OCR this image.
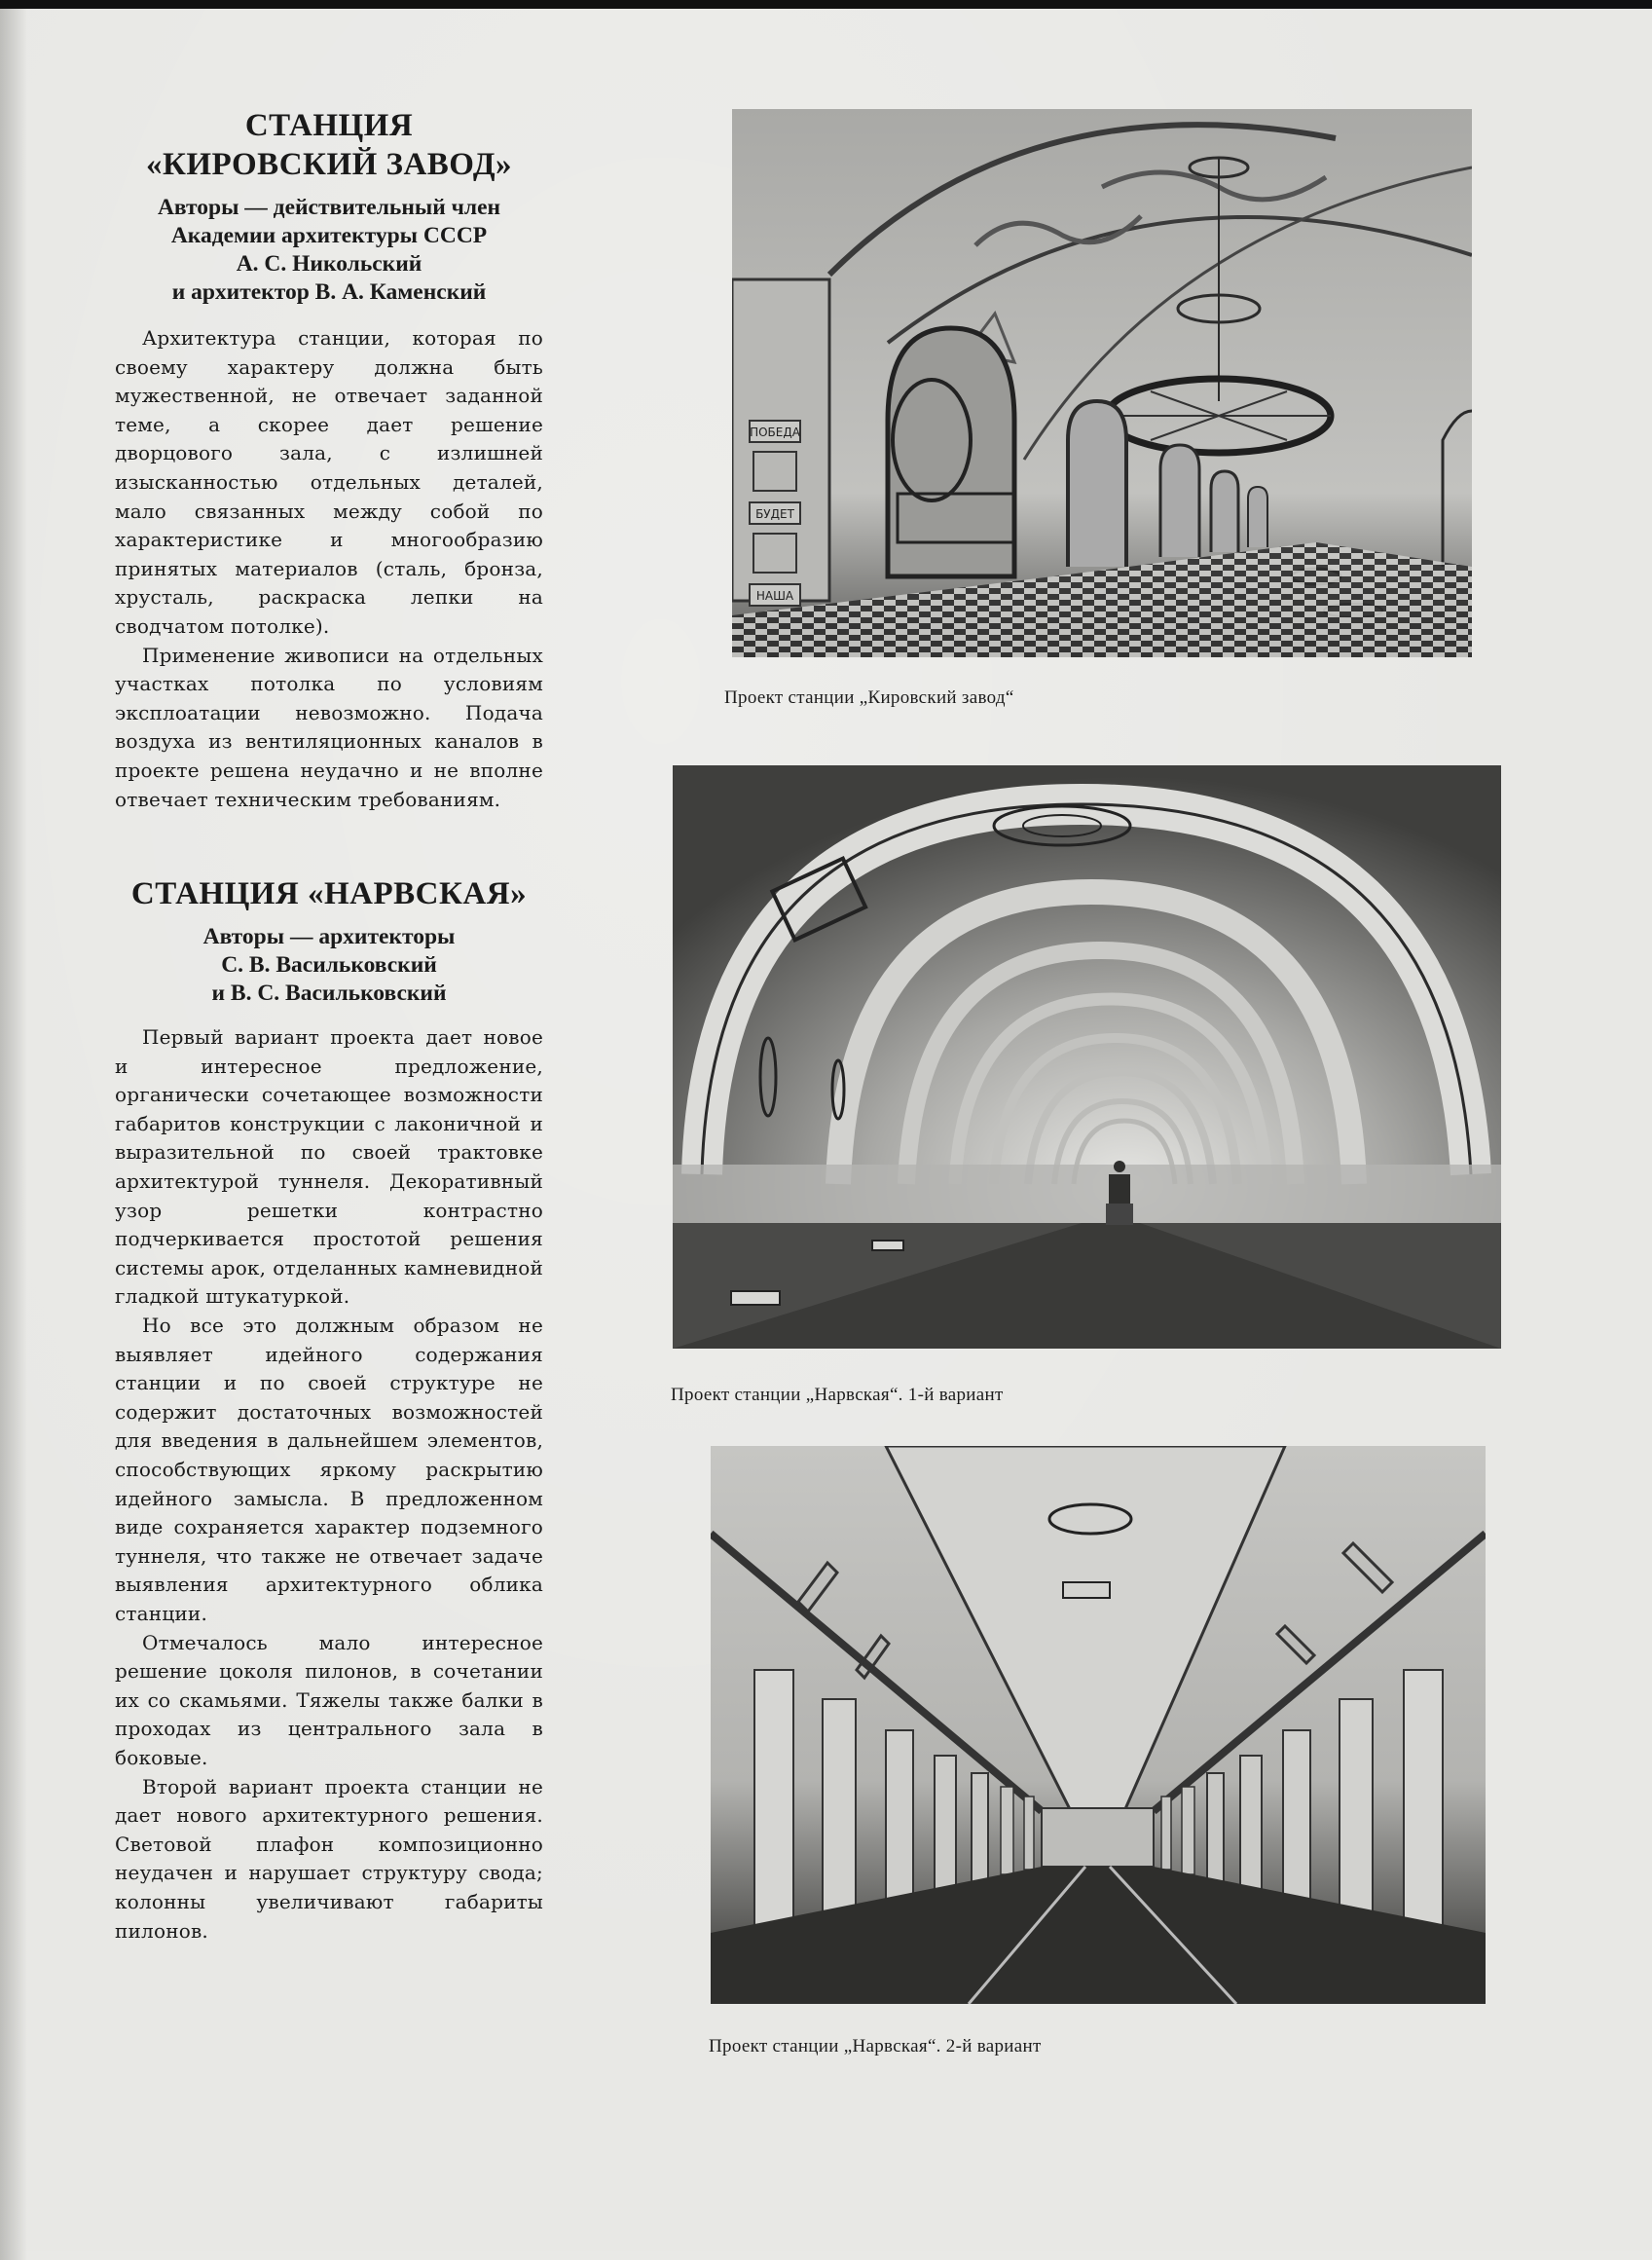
СТАНЦИЯ
«КИРОВСКИЙ ЗАВОД»
Авторы — действительный член
Академии архитектуры СССР
А. С. Никольский
и архитектор В. А. Каменский

Архитектура станции, которая по своему характеру должна быть мужественной, не отвечает заданной теме, а скорее дает решение дворцового зала, с излишней изысканностью отдельных деталей, мало связанных между собой по характеристике и многообразию принятых материалов (сталь, бронза, хрусталь, раскраска лепки на сводчатом потолке).

Применение живописи на отдельных участках потолка по условиям эксплоатации невозможно. Подача воздуха из вентиляционных каналов в проекте решена неудачно и не вполне отвечает техническим требованиям.

СТАНЦИЯ «НАРВСКАЯ»
Авторы — архитекторы
С. В. Васильковский
и В. С. Васильковский

Первый вариант проекта дает новое и интересное предложение, органически сочетающее возможности габаритов конструкции с лаконичной и выразительной по своей трактовке архитектурой туннеля. Декоративный узор решетки контрастно подчеркивается простотой решения системы арок, отделанных камневидной гладкой штукатуркой.

Но все это должным образом не выявляет идейного содержания станции и по своей структуре не содержит достаточных возможностей для введения в дальнейшем элементов, способствующих яркому раскрытию идейного замысла. В предложенном виде сохраняется характер подземного туннеля, что также не отвечает задаче выявления архитектурного облика станции.

Отмечалось мало интересное решение цоколя пилонов, в сочетании их со скамьями. Тяжелы также балки в проходах из центрального зала в боковые.

Второй вариант проекта станции не дает нового архитектурного решения. Световой плафон композиционно неудачен и нарушает структуру свода; колонны увеличивают габариты пилонов.

ПОБЕДА
БУДЕТ
НАША
Проект станции „Кировский завод“
Проект станции „Нарвская“. 1-й вариант
Проект станции „Нарвская“. 2-й вариант
